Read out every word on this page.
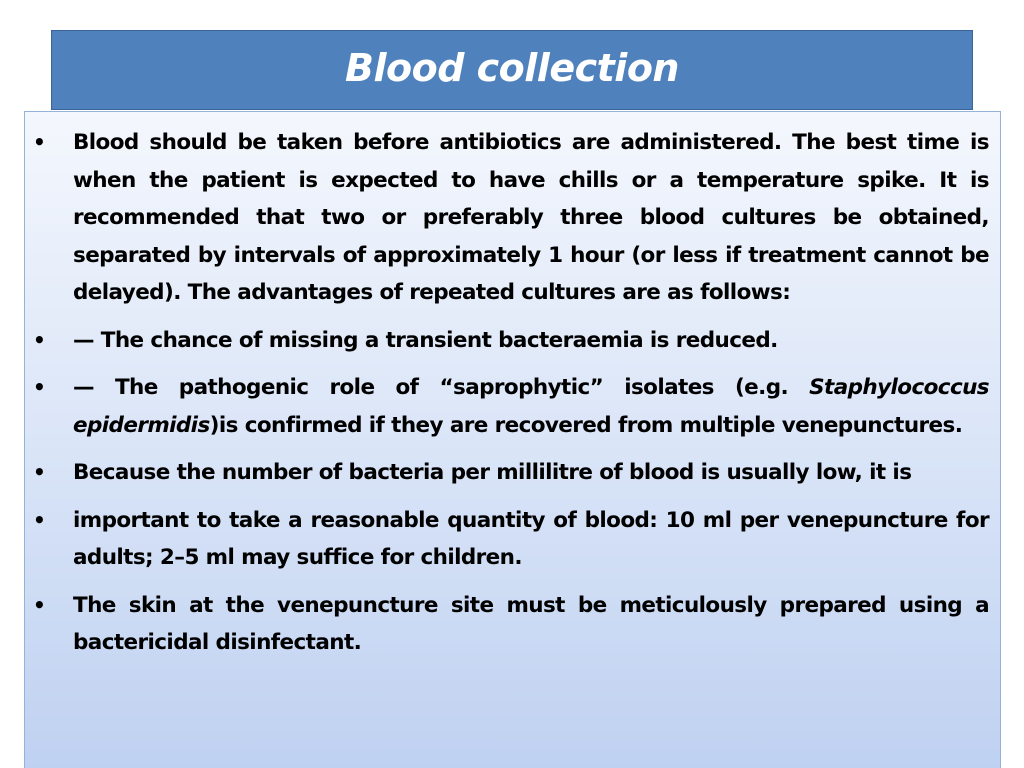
Blood collection
• Blood should be taken before antibiotics are administered. The best time is when the patient is expected to have chills or a temperature spike. It is recommended that two or preferably three blood cultures be obtained, separated by intervals of approximately 1 hour (or less if treatment cannot be delayed). The advantages of repeated cultures are as follows:
• — The chance of missing a transient bacteraemia is reduced.
• — The pathogenic role of “saprophytic” isolates (e.g. Staphylococcus epidermidis)is confirmed if they are recovered from multiple venepunctures.
• Because the number of bacteria per millilitre of blood is usually low, it is
• important to take a reasonable quantity of blood: 10 ml per venepuncture for adults; 2–5 ml may suffice for children.
• The skin at the venepuncture site must be meticulously prepared using a bactericidal disinfectant.
